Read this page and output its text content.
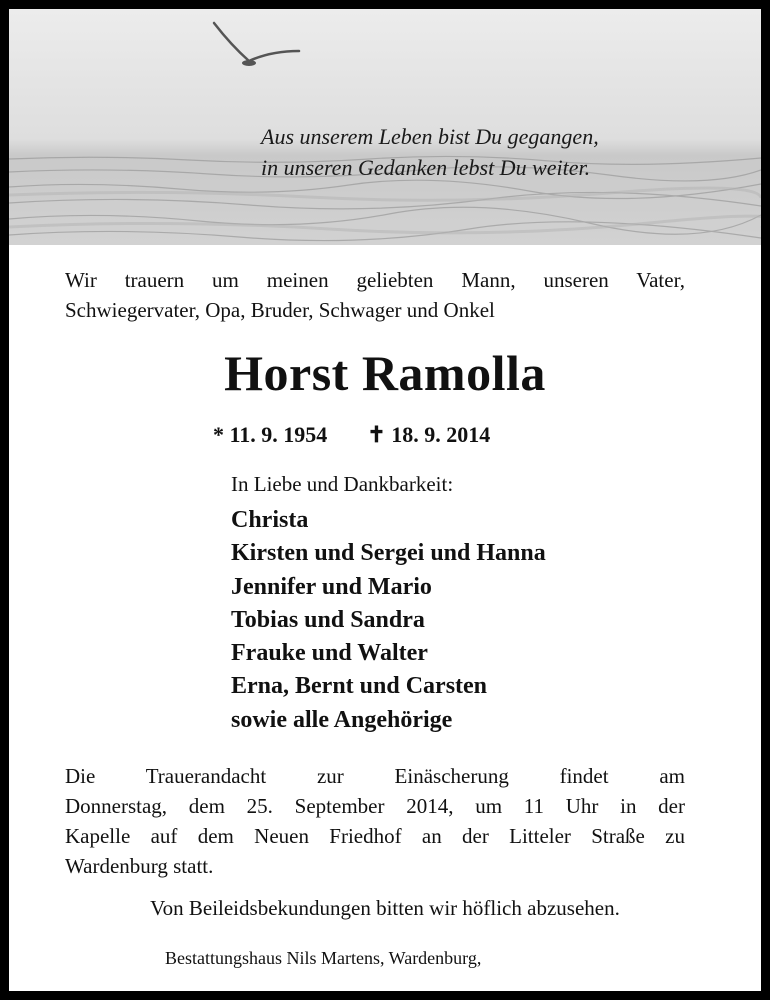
Aus unserem Leben bist Du gegangen,
in unseren Gedanken lebst Du weiter.
Wir trauern um meinen geliebten Mann, unseren Vater,
Schwiegervater, Opa, Bruder, Schwager und Onkel
Horst Ramolla
* 11. 9. 1954 ✝ 18. 9. 2014
In Liebe und Dankbarkeit:
Christa
Kirsten und Sergei und Hanna
Jennifer und Mario
Tobias und Sandra
Frauke und Walter
Erna, Bernt und Carsten
sowie alle Angehörige
Die Trauerandacht zur Einäscherung findet am
Donnerstag, dem 25. September 2014, um 11 Uhr in der
Kapelle auf dem Neuen Friedhof an der Litteler Straße zu
Wardenburg statt.
Von Beileidsbekundungen bitten wir höflich abzusehen.
Bestattungshaus Nils Martens, Wardenburg,
